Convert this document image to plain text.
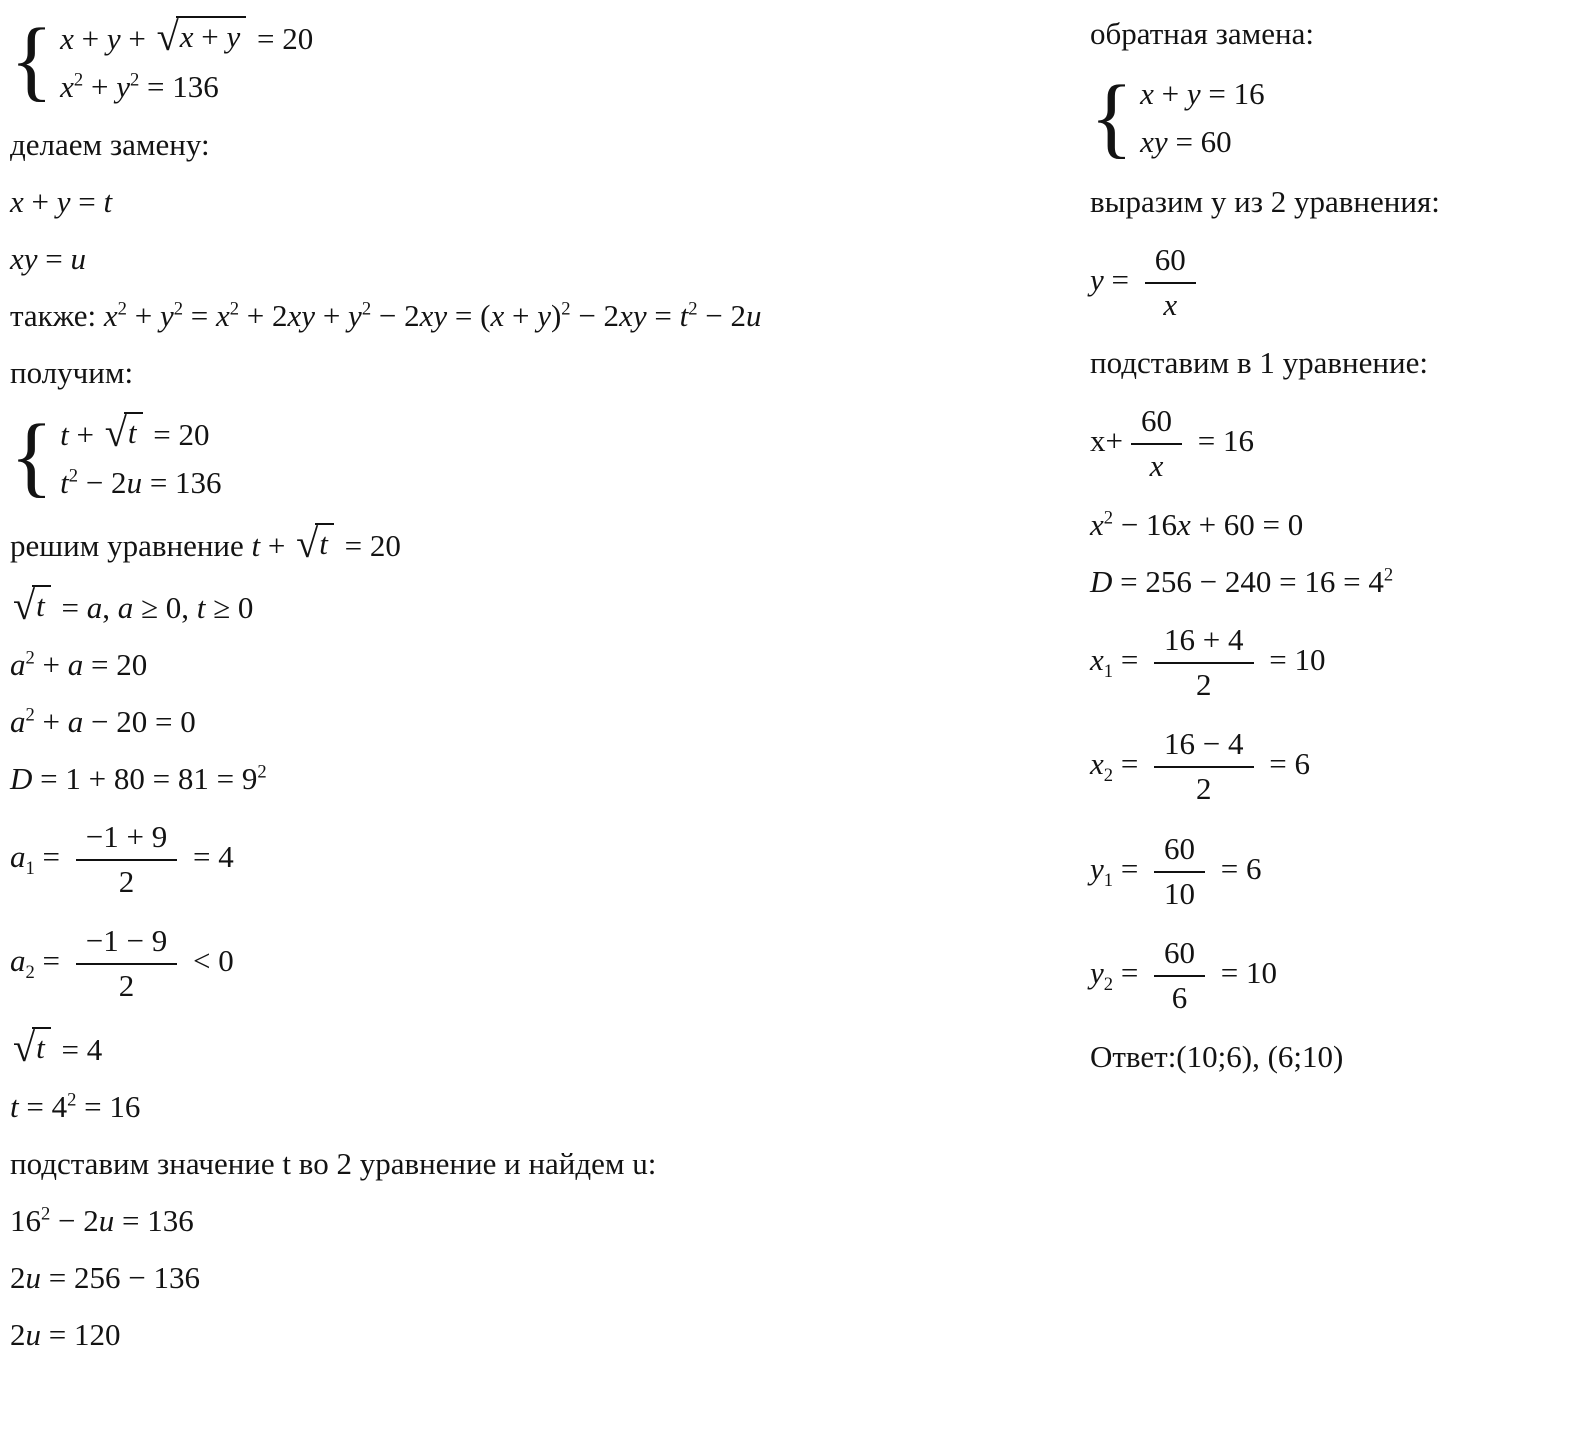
{ x + y + √ x + y = 20
$x^2 + y^2 = 136$
делаем замену:
x + y = t
xy = u
также: $x^2 + y^2 = x^2 + 2xy + y^2 - 2xy = (x + y)^2 - 2xy = t^2 - 2u$
получим:
{ t + √ t = 20
$t^2 - 2u = 136$
решим уравнение t + √ t = 20
√ t = a, a ≥ 0, t ≥ 0
$a^2 + a = 20$
$a^2 + a - 20 = 0$
$D = 1 + 80 = 81 = 9^2$
$a_1 = \frac{-1 + 9}{2} = 4$
$a_2 = \frac{-1 - 9}{2} < 0$
√ t = 4
$t = 4^2 = 16$
подставим значение t во 2 уравнение и найдем u:
$16^2 - 2u = 136$
2u = 256 − 136
2u = 120
обратная замена:
{ x + y = 16
xy = 60
выразим y из 2 уравнения:
$y = \frac{60}{x}$
подставим в 1 уравнение:
$x+ \frac{60}{x} = 16$
$x^2 - 16x + 60 = 0$
$D = 256 - 240 = 16 = 4^2$
$x_1 = \frac{16 + 4}{2} = 10$
$x_2 = \frac{16 - 4}{2} = 6$
$y_1 = \frac{60}{10} = 6$
$y_2 = \frac{60}{6} = 10$
Ответ:(10;6), (6;10)
